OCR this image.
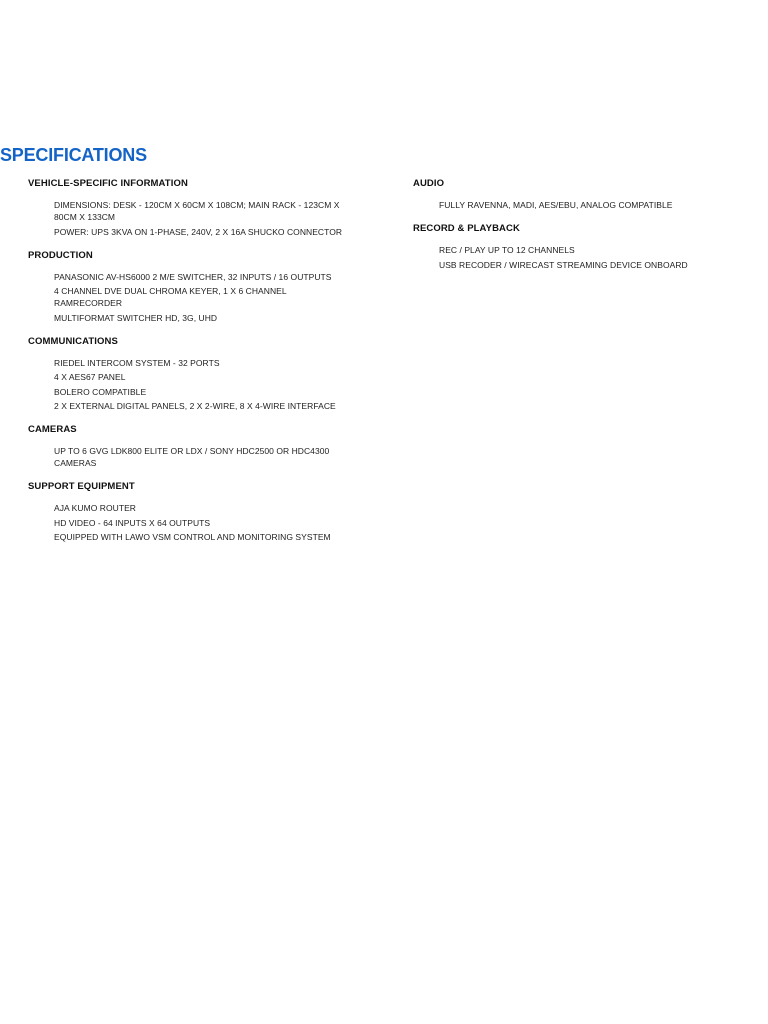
SPECIFICATIONS
VEHICLE-SPECIFIC INFORMATION
DIMENSIONS: DESK - 120CM X 60CM X 108CM; MAIN RACK - 123CM X 80CM X 133CM
POWER: UPS 3KVA ON 1-PHASE, 240V, 2 X 16A SHUCKO CONNECTOR
PRODUCTION
PANASONIC AV-HS6000 2 M/E SWITCHER, 32 INPUTS / 16 OUTPUTS
4 CHANNEL DVE DUAL CHROMA KEYER, 1 X 6 CHANNEL RAMRECORDER
MULTIFORMAT SWITCHER HD, 3G, UHD
COMMUNICATIONS
RIEDEL INTERCOM SYSTEM - 32 PORTS
4 X AES67 PANEL
BOLERO COMPATIBLE
2 X EXTERNAL DIGITAL PANELS, 2 X 2-WIRE, 8 X 4-WIRE INTERFACE
CAMERAS
UP TO 6 GVG LDK800 ELITE OR LDX / SONY HDC2500 OR HDC4300 CAMERAS
SUPPORT EQUIPMENT
AJA KUMO ROUTER
HD VIDEO - 64 INPUTS X 64 OUTPUTS
EQUIPPED WITH LAWO VSM CONTROL AND MONITORING SYSTEM
AUDIO
FULLY RAVENNA, MADI, AES/EBU, ANALOG COMPATIBLE
RECORD & PLAYBACK
REC / PLAY UP TO 12 CHANNELS
USB RECODER / WIRECAST STREAMING DEVICE ONBOARD
